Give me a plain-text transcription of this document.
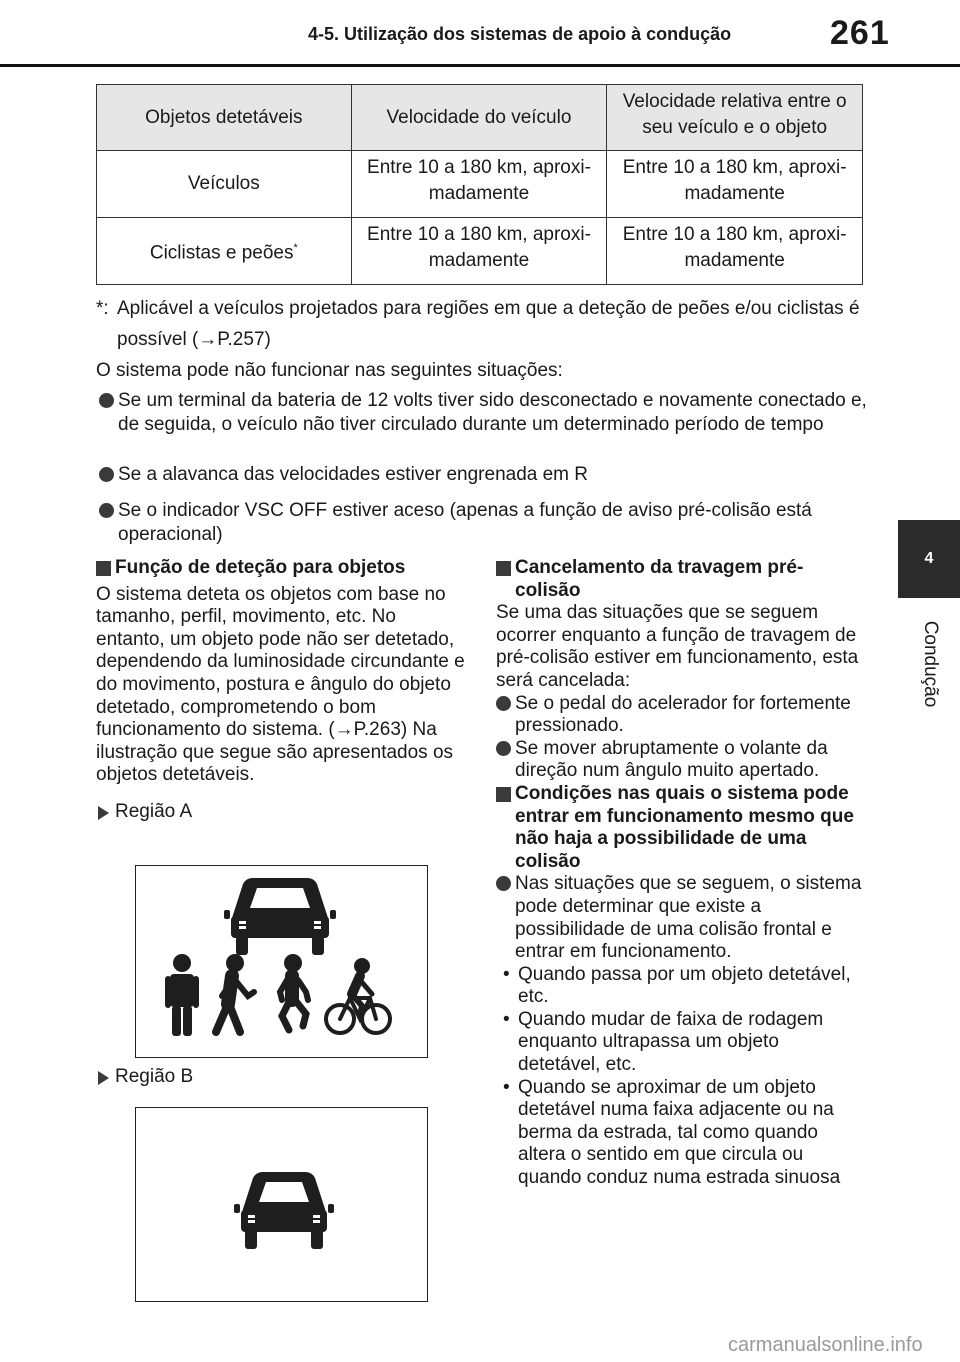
4-5. Utilização dos sistemas de apoio à condução	261
4
Condução
Objetos detetáveis	Velocidade do veículo	Velocidade relativa entre o seu veículo e o objeto
Veículos	Entre 10 a 180 km, aproxi-madamente	Entre 10 a 180 km, aproxi-madamente
Ciclistas e peões*	Entre 10 a 180 km, aproxi-madamente	Entre 10 a 180 km, aproxi-madamente
*: Aplicável a veículos projetados para regiões em que a deteção de peões e/ou ciclistas é possível (→P.257)
O sistema pode não funcionar nas seguintes situações:
Se um terminal da bateria de 12 volts tiver sido desconectado e novamente conectado e, de seguida, o veículo não tiver circulado durante um determinado período de tempo
Se a alavanca das velocidades estiver engrenada em R
Se o indicador VSC OFF estiver aceso (apenas a função de aviso pré-colisão está operacional)
Função de deteção para objetos
O sistema deteta os objetos com base no tamanho, perfil, movimento, etc. No entanto, um objeto pode não ser detetado, dependendo da luminosidade circundante e do movimento, postura e ângulo do objeto detetado, comprometendo o bom funcionamento do sistema. (→P.263) Na ilustração que segue são apresentados os objetos detetáveis.
Região A
Região B
Cancelamento da travagem pré-colisão
Se uma das situações que se seguem ocorrer enquanto a função de travagem de pré-colisão estiver em funcionamento, esta será cancelada:
Se o pedal do acelerador for fortemente pressionado.
Se mover abruptamente o volante da direção num ângulo muito apertado.
Condições nas quais o sistema pode entrar em funcionamento mesmo que não haja a possibilidade de uma colisão
Nas situações que se seguem, o sistema pode determinar que existe a possibilidade de uma colisão frontal e entrar em funcionamento.
• Quando passa por um objeto detetável, etc.
• Quando mudar de faixa de rodagem enquanto ultrapassa um objeto detetável, etc.
• Quando se aproximar de um objeto detetável numa faixa adjacente ou na berma da estrada, tal como quando altera o sentido em que circula ou quando conduz numa estrada sinuosa
carmanualsonline.info
